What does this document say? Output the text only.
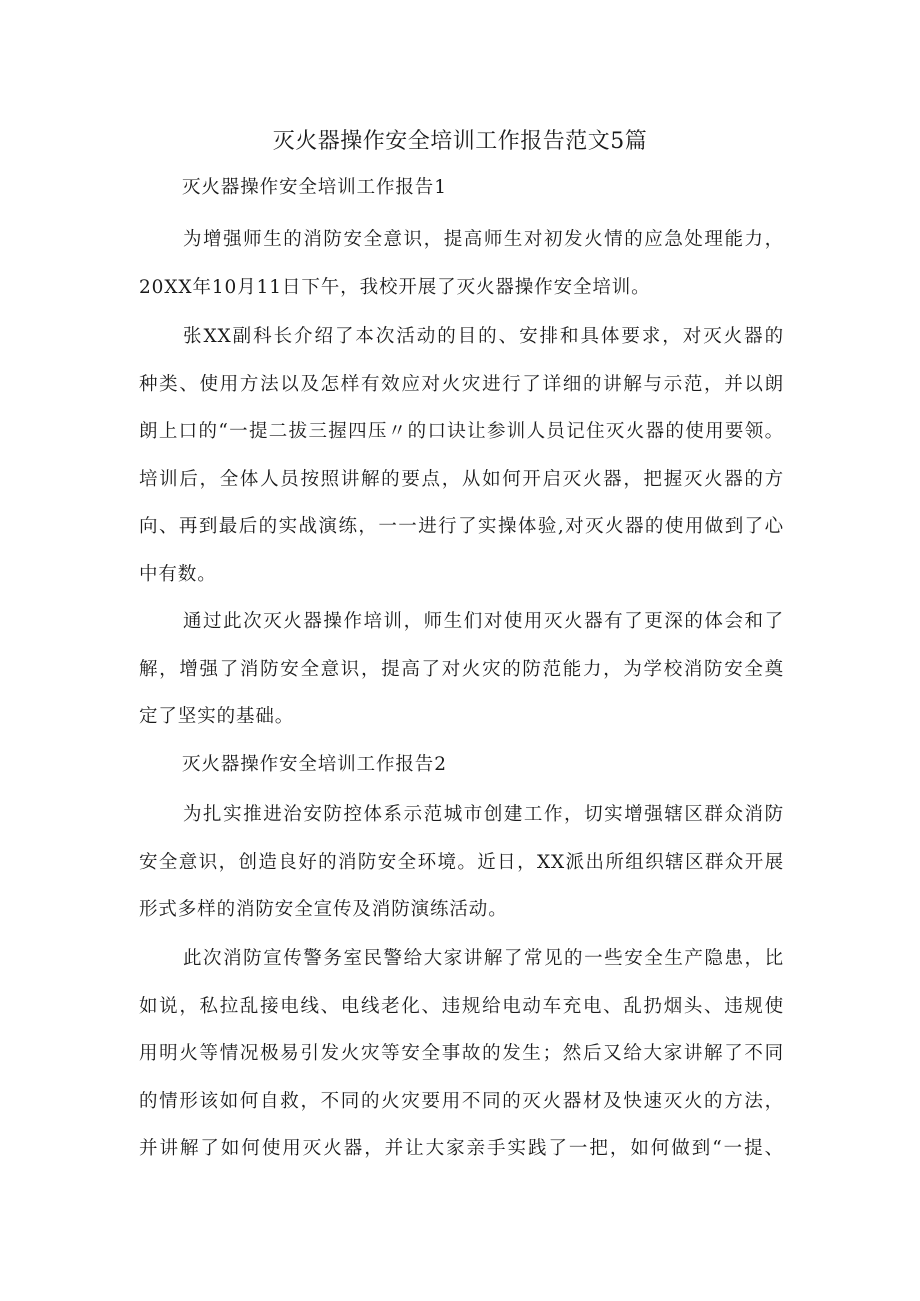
灭火器操作安全培训工作报告范文5篇
灭火器操作安全培训工作报告1

为增强师生的消防安全意识，提高师生对初发火情的应急处理能力，
20XX年10月11日下午，我校开展了灭火器操作安全培训。

张XX副科长介绍了本次活动的目的、安排和具体要求，对灭火器的
种类、使用方法以及怎样有效应对火灾进行了详细的讲解与示范，并以朗
朗上口的“一提二拔三握四压〃的口诀让参训人员记住灭火器的使用要领。
培训后，全体人员按照讲解的要点，从如何开启灭火器，把握灭火器的方
向、再到最后的实战演练，一一进行了实操体验,对灭火器的使用做到了心
中有数。

通过此次灭火器操作培训，师生们对使用灭火器有了更深的体会和了
解，增强了消防安全意识，提高了对火灾的防范能力，为学校消防安全奠
定了坚实的基础。

灭火器操作安全培训工作报告2

为扎实推进治安防控体系示范城市创建工作，切实增强辖区群众消防
安全意识，创造良好的消防安全环境。近日，XX派出所组织辖区群众开展
形式多样的消防安全宣传及消防演练活动。

此次消防宣传警务室民警给大家讲解了常见的一些安全生产隐患，比
如说，私拉乱接电线、电线老化、违规给电动车充电、乱扔烟头、违规使
用明火等情况极易引发火灾等安全事故的发生；然后又给大家讲解了不同
的情形该如何自救，不同的火灾要用不同的灭火器材及快速灭火的方法，
并讲解了如何使用灭火器，并让大家亲手实践了一把，如何做到“一提、
